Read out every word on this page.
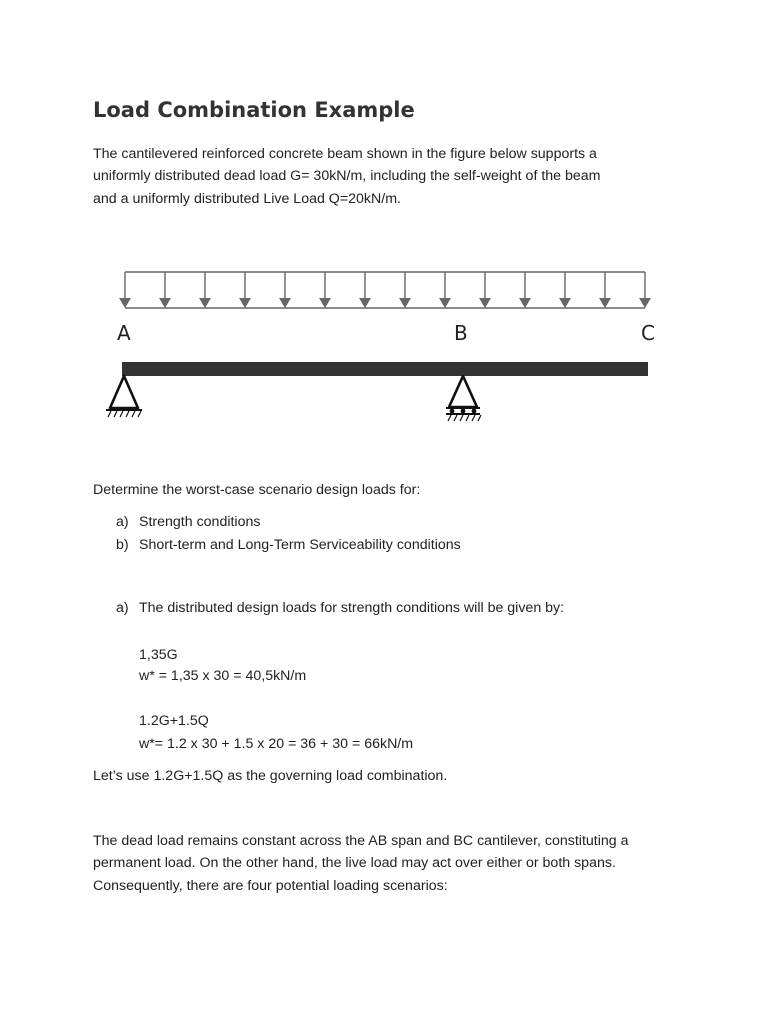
Load Combination Example
The cantilevered reinforced concrete beam shown in the figure below supports a
uniformly distributed dead load G= 30kN/m, including the self-weight of the beam
and a uniformly distributed Live Load Q=20kN/m.
A	B	C
Determine the worst-case scenario design loads for:
a) Strength conditions
b) Short-term and Long-Term Serviceability conditions
a) The distributed design loads for strength conditions will be given by:
1,35G
w* = 1,35 x 30 = 40,5kN/m
1.2G+1.5Q
w*= 1.2 x 30 + 1.5 x 20 = 36 + 30 = 66kN/m
Let’s use 1.2G+1.5Q as the governing load combination.
The dead load remains constant across the AB span and BC cantilever, constituting a
permanent load. On the other hand, the live load may act over either or both spans.
Consequently, there are four potential loading scenarios:
